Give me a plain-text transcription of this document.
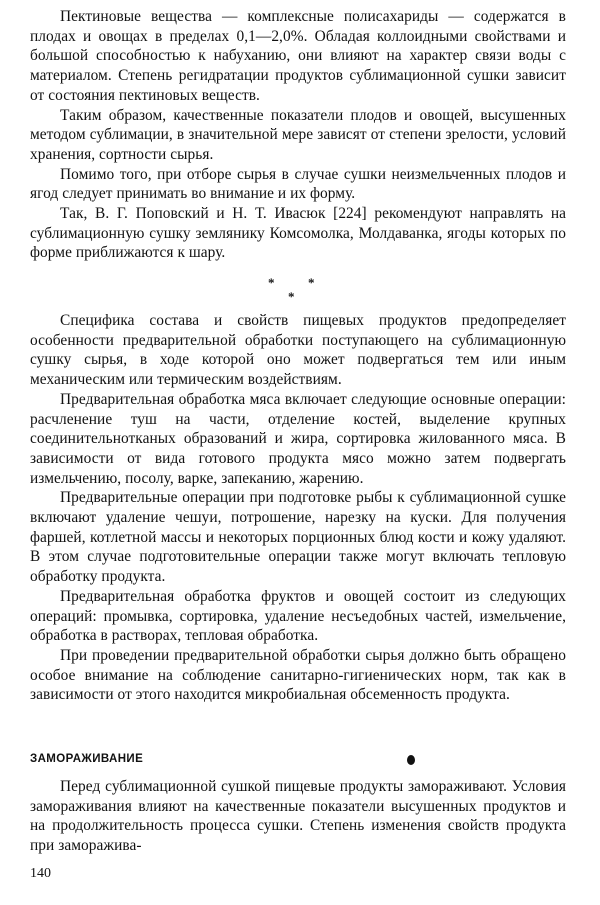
Пектиновые вещества — комплексные полисахариды — содержатся в плодах и овощах в пределах 0,1—2,0%. Обладая коллоидными свойствами и большой способностью к набуханию, они влияют на характер связи воды с материалом. Степень регидратации продуктов сублимационной сушки зависит от состояния пектиновых веществ.

Таким образом, качественные показатели плодов и овощей, высушенных методом сублимации, в значительной мере зависят от степени зрелости, условий хранения, сортности сырья.

Помимо того, при отборе сырья в случае сушки неизмельченных плодов и ягод следует принимать во внимание и их форму.

Так, В. Г. Поповский и Н. Т. Ивасюк [224] рекомендуют направлять на сублимационную сушку землянику Комсомолка, Молдаванка, ягоды которых по форме приближаются к шару.

*	*
*

Специфика состава и свойств пищевых продуктов предопределяет особенности предварительной обработки поступающего на сублимационную сушку сырья, в ходе которой оно может подвергаться тем или иным механическим или термическим воздействиям.

Предварительная обработка мяса включает следующие основные операции: расчленение туш на части, отделение костей, выделение крупных соединительнотканых образований и жира, сортировка жилованного мяса. В зависимости от вида готового продукта мясо можно затем подвергать измельчению, посолу, варке, запеканию, жарению.

Предварительные операции при подготовке рыбы к сублимационной сушке включают удаление чешуи, потрошение, нарезку на куски. Для получения фаршей, котлетной массы и некоторых порционных блюд кости и кожу удаляют. В этом случае подготовительные операции также могут включать тепловую обработку продукта.

Предварительная обработка фруктов и овощей состоит из следующих операций: промывка, сортировка, удаление несъедобных частей, измельчение, обработка в растворах, тепловая обработка.

При проведении предварительной обработки сырья должно быть обращено особое внимание на соблюдение санитарно-гигиенических норм, так как в зависимости от этого находится микробиальная обсеменность продукта.

ЗАМОРАЖИВАНИЕ

Перед сублимационной сушкой пищевые продукты замораживают. Условия замораживания влияют на качественные показатели высушенных продуктов и на продолжительность процесса сушки. Степень изменения свойств продукта при заморажива-

140
